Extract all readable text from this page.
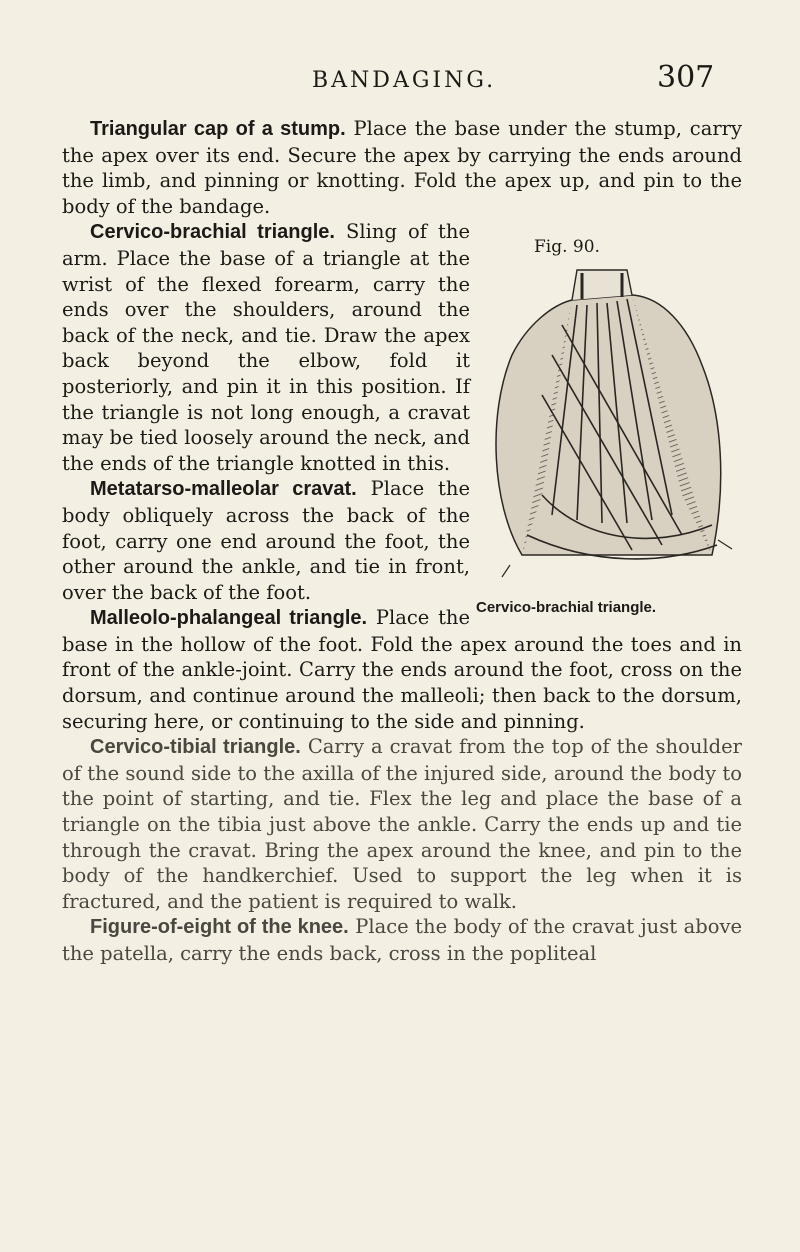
BANDAGING.	307

Triangular cap of a stump. Place the base under the stump, carry the apex over its end. Secure the apex by carrying the ends around the limb, and pinning or knotting. Fold the apex up, and pin to the body of the bandage.

Fig. 90.
Cervico-brachial triangle.

Cervico-brachial triangle. Sling of the arm. Place the base of a triangle at the wrist of the flexed forearm, carry the ends over the shoulders, around the back of the neck, and tie. Draw the apex back beyond the elbow, fold it posteriorly, and pin it in this position. If the triangle is not long enough, a cravat may be tied loosely around the neck, and the ends of the triangle knotted in this.

Metatarso-malleolar cravat. Place the body obliquely across the back of the foot, carry one end around the foot, the other around the ankle, and tie in front, over the back of the foot.

Malleolo-phalangeal triangle. Place the base in the hollow of the foot. Fold the apex around the toes and in front of the ankle-joint. Carry the ends around the foot, cross on the dorsum, and continue around the malleoli; then back to the dorsum, securing here, or continuing to the side and pinning.

Cervico-tibial triangle. Carry a cravat from the top of the shoulder of the sound side to the axilla of the injured side, around the body to the point of starting, and tie. Flex the leg and place the base of a triangle on the tibia just above the ankle. Carry the ends up and tie through the cravat. Bring the apex around the knee, and pin to the body of the handkerchief. Used to support the leg when it is fractured, and the patient is required to walk.

Figure-of-eight of the knee. Place the body of the cravat just above the patella, carry the ends back, cross in the popliteal
